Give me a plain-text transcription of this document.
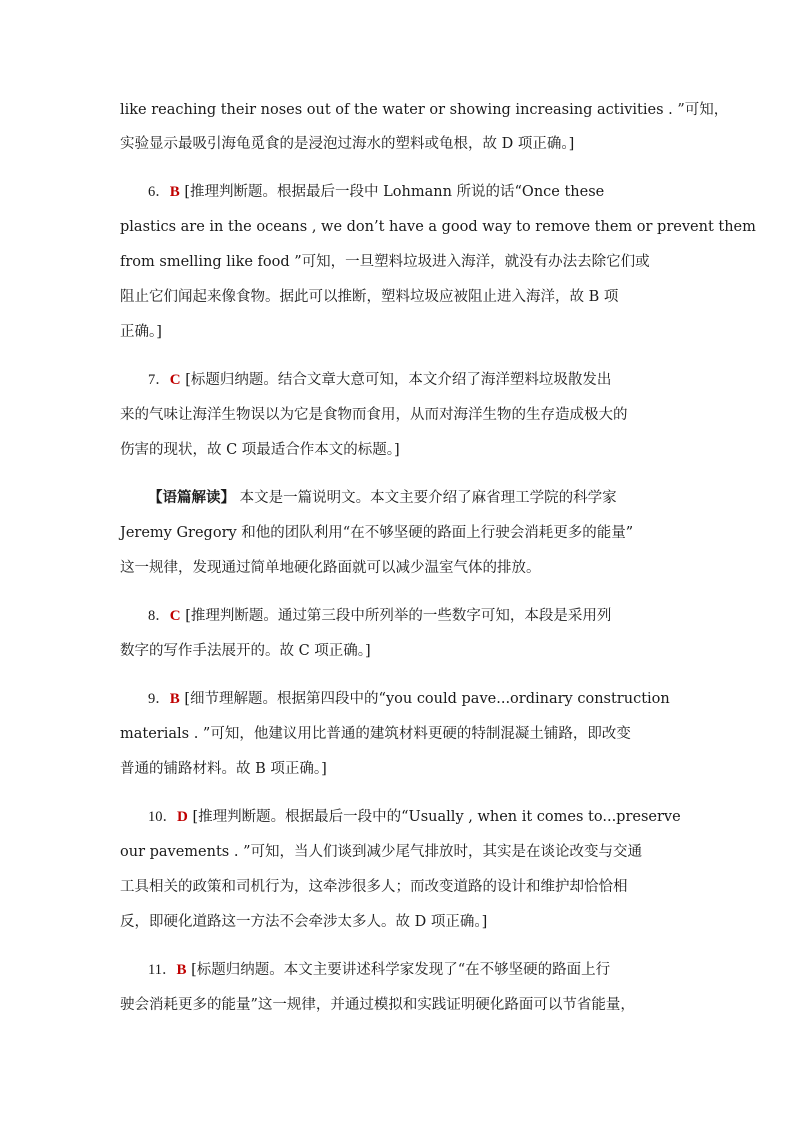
like reaching their noses out of the water or showing increasing activities . ”可知，
实验显示最吸引海龟觅食的是浸泡过海水的塑料或龟根，故 D 项正确。]
6．B [推理判断题。根据最后一段中 Lohmann 所说的话“Once these
plastics are in the oceans , we don’t have a good way to remove them or prevent them
from smelling like food ”可知，一旦塑料垃圾进入海洋，就没有办法去除它们或
阻止它们闻起来像食物。据此可以推断，塑料垃圾应被阻止进入海洋，故 B 项
正确。]
7．C [标题归纳题。结合文章大意可知，本文介绍了海洋塑料垃圾散发出
来的气味让海洋生物误以为它是食物而食用，从而对海洋生物的生存造成极大的
伤害的现状，故 C 项最适合作本文的标题。]
【语篇解读】 本文是一篇说明文。本文主要介绍了麻省理工学院的科学家
Jeremy Gregory 和他的团队利用“在不够坚硬的路面上行驶会消耗更多的能量”
这一规律，发现通过简单地硬化路面就可以减少温室气体的排放。
8．C [推理判断题。通过第三段中所列举的一些数字可知，本段是采用列
数字的写作手法展开的。故 C 项正确。]
9．B [细节理解题。根据第四段中的“you could pave...ordinary construction
materials . ”可知，他建议用比普通的建筑材料更硬的特制混凝土铺路，即改变
普通的铺路材料。故 B 项正确。]
10．D [推理判断题。根据最后一段中的“Usually , when it comes to...preserve
our pavements . ”可知，当人们谈到减少尾气排放时，其实是在谈论改变与交通
工具相关的政策和司机行为，这牵涉很多人；而改变道路的设计和维护却恰恰相
反，即硬化道路这一方法不会牵涉太多人。故 D 项正确。]
11．B [标题归纳题。本文主要讲述科学家发现了“在不够坚硬的路面上行
驶会消耗更多的能量”这一规律，并通过模拟和实践证明硬化路面可以节省能量，
